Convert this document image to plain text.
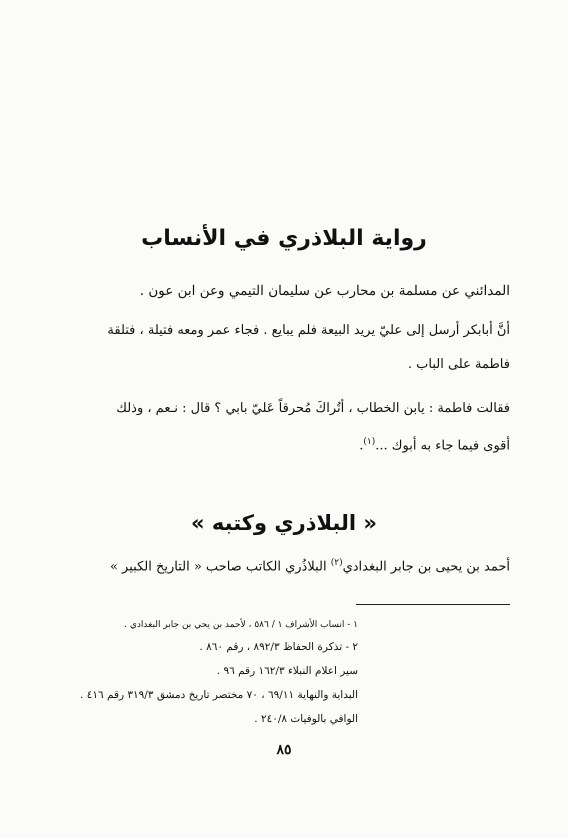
رواية البلاذري في الأنساب
المدائني عن مسلمة بن محارب عن سليمان التيمي وعن ابن عون .
أنَّ أبابكر أرسل إلى عليّ يريد البيعة فلم يبايع . فجاء عمر ومعه فتيلة ، فتلقة
فاطمة على الباب .
فقالت فاطمة : يابن الخطاب ، أتُراكَ مُحرقاً عَليّ بابي ؟ قال : نـعم ، وذلك
أقوى فيما جاء به أبوك ...$^{(١)}$.
« البلاذري وكتبه »
أحمد بن يحيى بن جابر البغدادي$^{(٢)}$ البلاذُري الكاتب صاحب « التاريخ الكبير »
١ - انساب الأشراف ١ / ٥٨٦ ، لأحمد بن يحي بن جابر البغدادي .
٢ - تذكرة الحفاظ ٨٩٢/٣ ، رقم ٨٦٠ .
سير اعلام النبلاء ١٦٢/٣ رقم ٩٦ .
البداية والنهاية ٦٩/١١ ، ٧٠ مختصر تاريخ دمشق ٣١٩/٣ رقم ٤١٦ .
الوافي بالوفيات ٢٤٠/٨ .
٨٥
